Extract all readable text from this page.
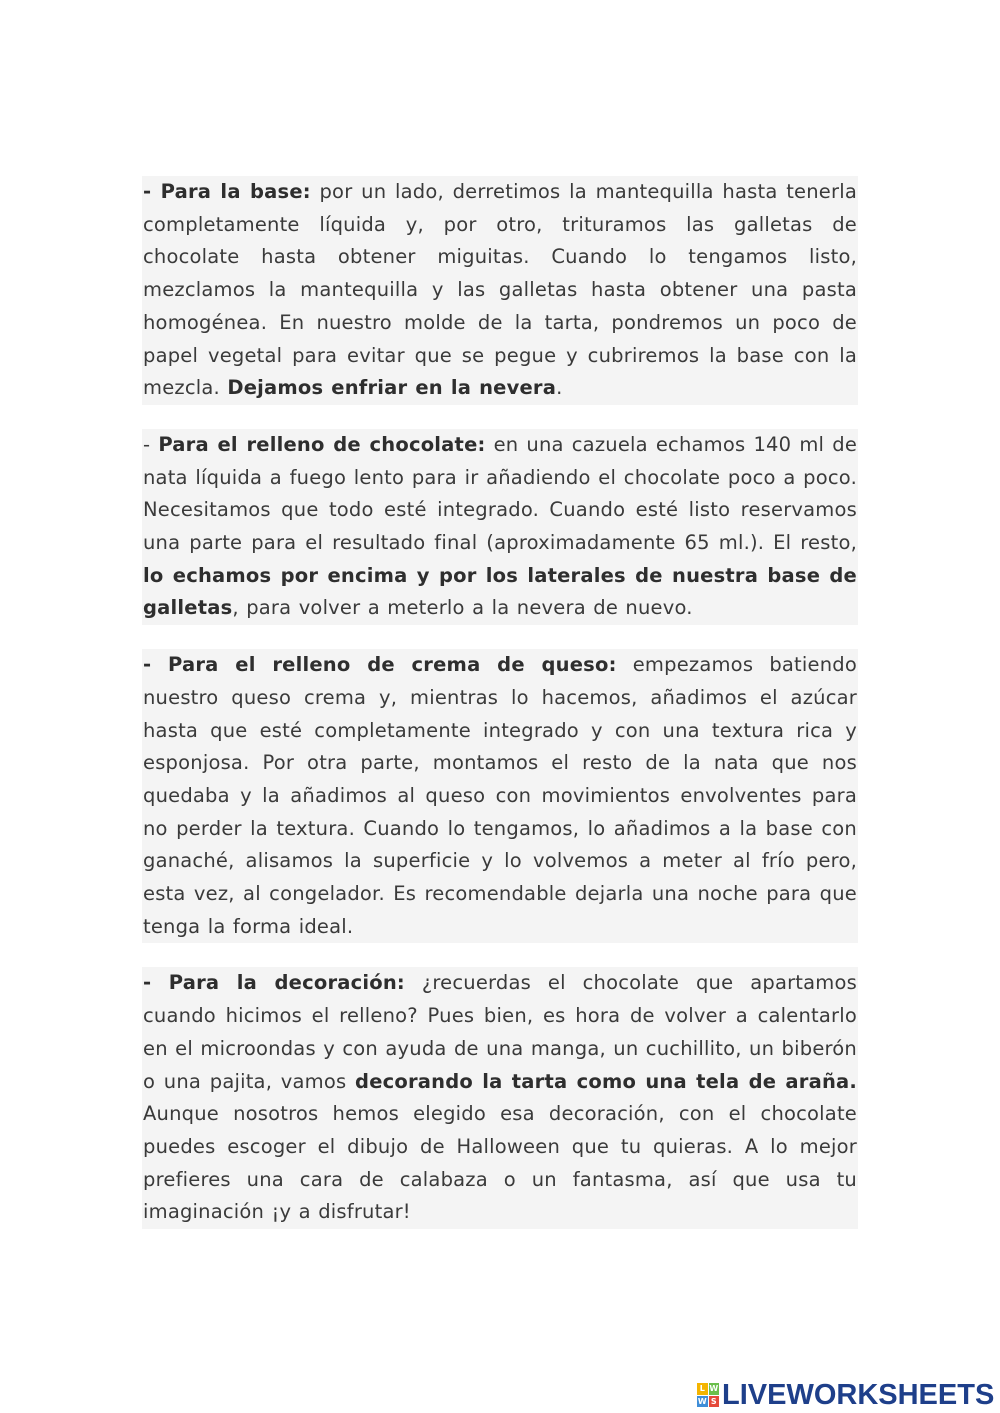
- Para la base: por un lado, derretimos la mantequilla hasta tenerla completamente líquida y, por otro, trituramos las galletas de chocolate hasta obtener miguitas. Cuando lo tengamos listo, mezclamos la mantequilla y las galletas hasta obtener una pasta homogénea. En nuestro molde de la tarta, pondremos un poco de papel vegetal para evitar que se pegue y cubriremos la base con la mezcla. Dejamos enfriar en la nevera.

- Para el relleno de chocolate: en una cazuela echamos 140 ml de nata líquida a fuego lento para ir añadiendo el chocolate poco a poco. Necesitamos que todo esté integrado. Cuando esté listo reservamos una parte para el resultado final (aproximadamente 65 ml.). El resto, lo echamos por encima y por los laterales de nuestra base de galletas, para volver a meterlo a la nevera de nuevo.

- Para el relleno de crema de queso: empezamos batiendo nuestro queso crema y, mientras lo hacemos, añadimos el azúcar hasta que esté completamente integrado y con una textura rica y esponjosa. Por otra parte, montamos el resto de la nata que nos quedaba y la añadimos al queso con movimientos envolventes para no perder la textura. Cuando lo tengamos, lo añadimos a la base con ganaché, alisamos la superficie y lo volvemos a meter al frío pero, esta vez, al congelador. Es recomendable dejarla una noche para que tenga la forma ideal.

- Para la decoración: ¿recuerdas el chocolate que apartamos cuando hicimos el relleno? Pues bien, es hora de volver a calentarlo en el microondas y con ayuda de una manga, un cuchillito, un biberón o una pajita, vamos decorando la tarta como una tela de araña. Aunque nosotros hemos elegido esa decoración, con el chocolate puedes escoger el dibujo de Halloween que tu quieras. A lo mejor prefieres una cara de calabaza o un fantasma, así que usa tu imaginación ¡y a disfrutar!

L W
W S LIVEWORKSHEETS
